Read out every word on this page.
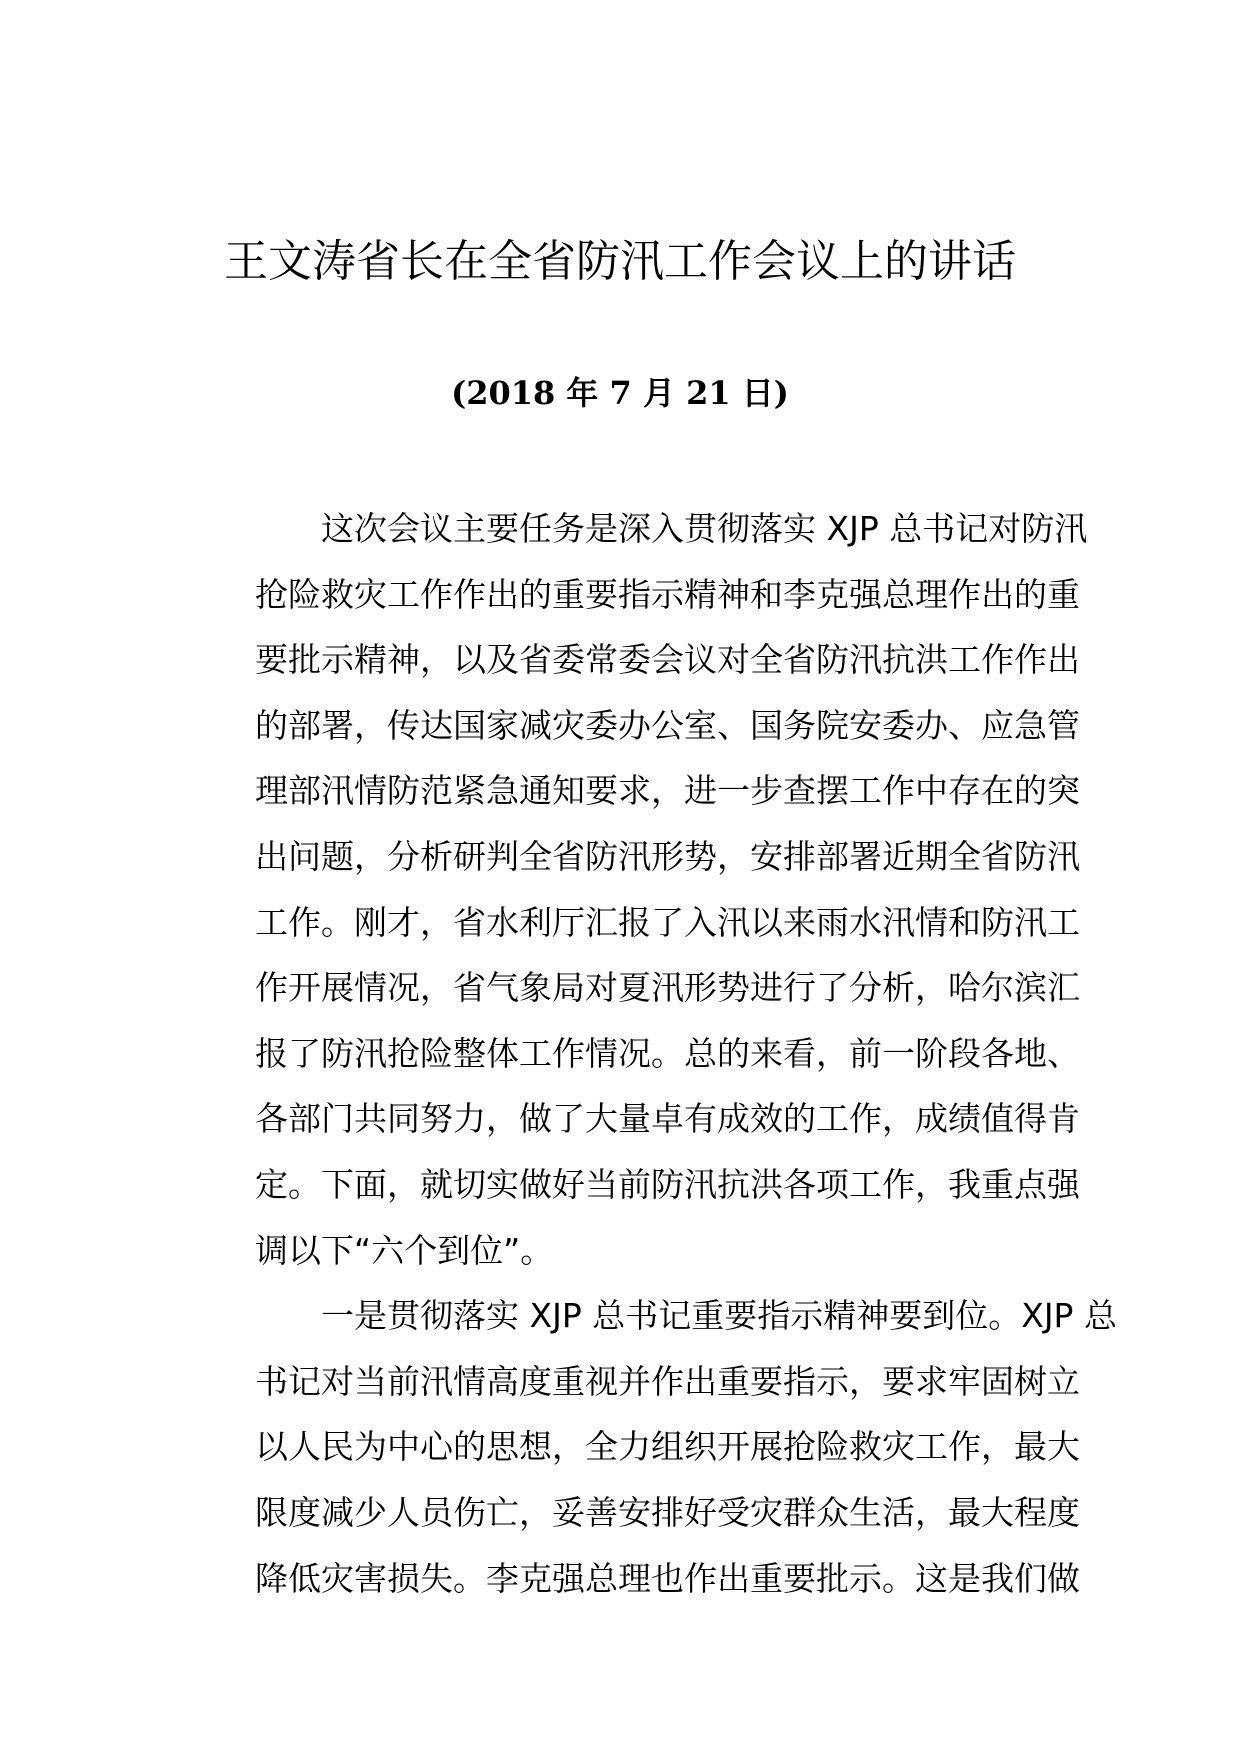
王文涛省长在全省防汛工作会议上的讲话
(2018 年 7 月 21 日)
这次会议主要任务是深入贯彻落实 XJP 总书记对防汛
抢险救灾工作作出的重要指示精神和李克强总理作出的重
要批示精神，以及省委常委会议对全省防汛抗洪工作作出
的部署，传达国家减灾委办公室、国务院安委办、应急管
理部汛情防范紧急通知要求，进一步查摆工作中存在的突
出问题，分析研判全省防汛形势，安排部署近期全省防汛
工作。刚才，省水利厅汇报了入汛以来雨水汛情和防汛工
作开展情况，省气象局对夏汛形势进行了分析，哈尔滨汇
报了防汛抢险整体工作情况。总的来看，前一阶段各地、
各部门共同努力，做了大量卓有成效的工作，成绩值得肯
定。下面，就切实做好当前防汛抗洪各项工作，我重点强
调以下“六个到位”。
一是贯彻落实 XJP 总书记重要指示精神要到位。XJP 总
书记对当前汛情高度重视并作出重要指示，要求牢固树立
以人民为中心的思想，全力组织开展抢险救灾工作，最大
限度减少人员伤亡，妥善安排好受灾群众生活，最大程度
降低灾害损失。李克强总理也作出重要批示。这是我们做
